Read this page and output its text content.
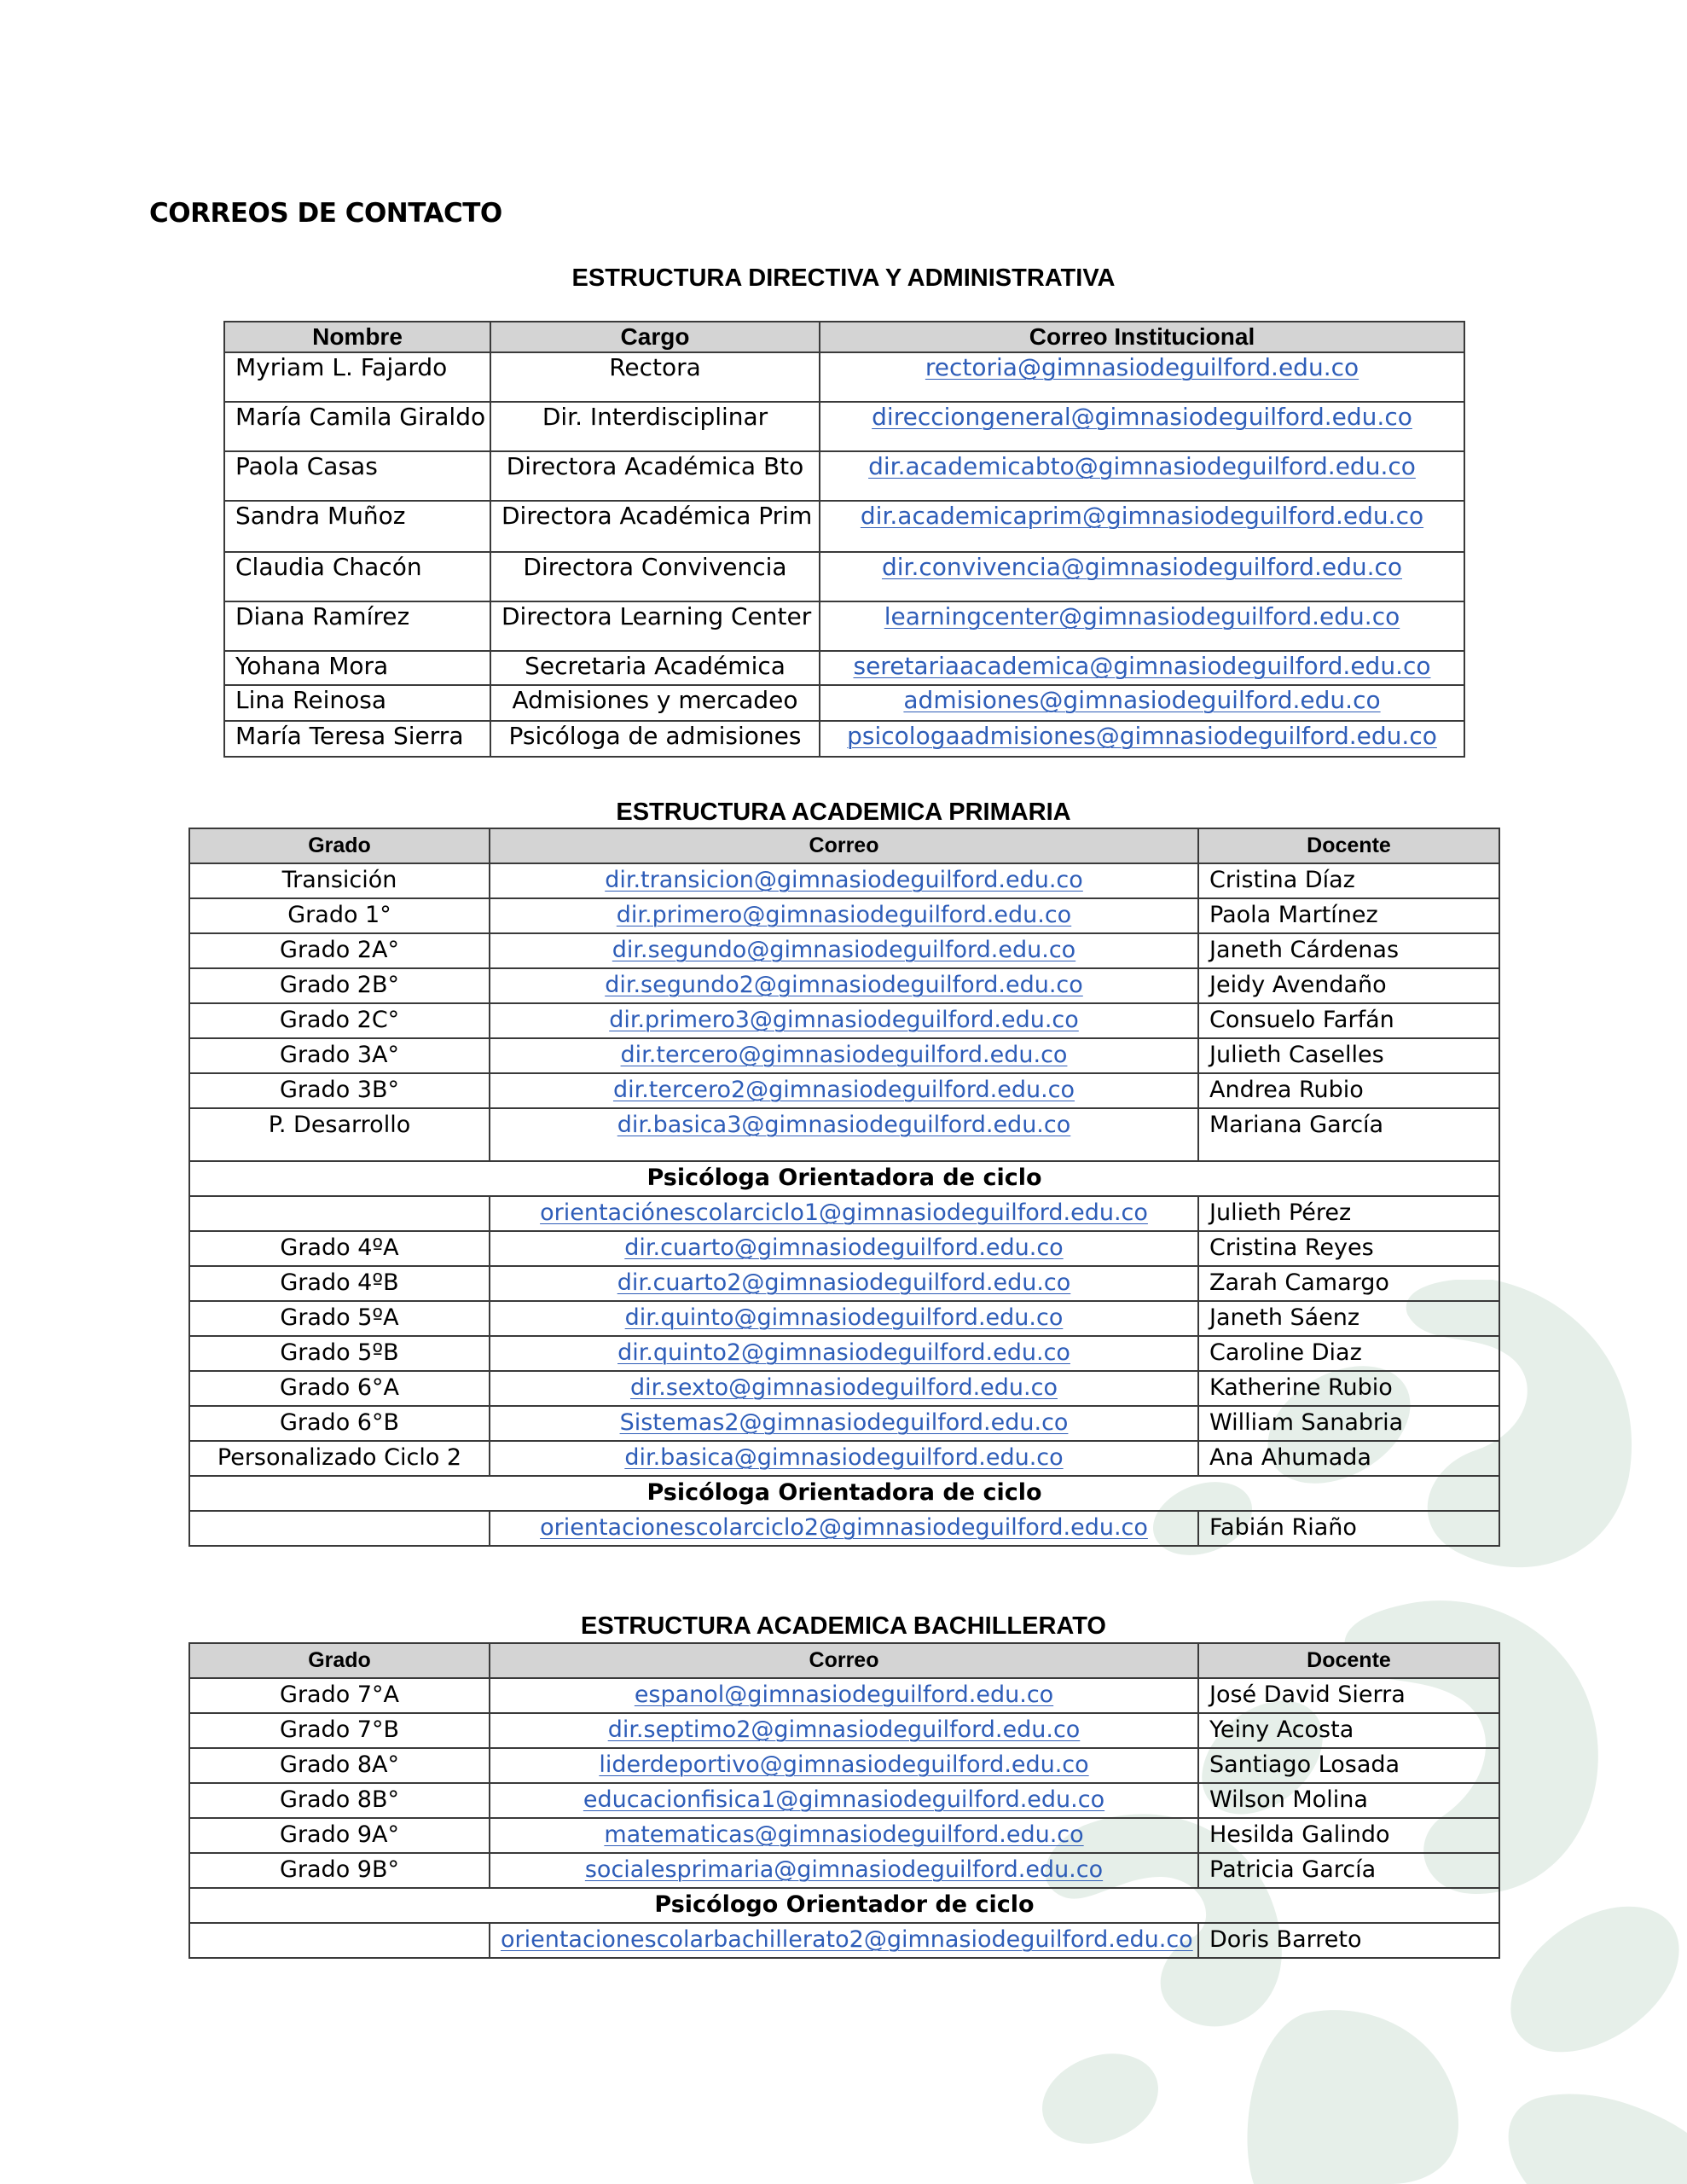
CORREOS DE CONTACTO
ESTRUCTURA DIRECTIVA Y ADMINISTRATIVA
Nombre	Cargo	Correo Institucional
Myriam L. Fajardo	Rectora	rectoria@gimnasiodeguilford.edu.co
María Camila Giraldo	Dir. Interdisciplinar	direcciongeneral@gimnasiodeguilford.edu.co
Paola Casas	Directora Académica Bto	dir.academicabto@gimnasiodeguilford.edu.co
Sandra Muñoz	Directora Académica Prim	dir.academicaprim@gimnasiodeguilford.edu.co
Claudia Chacón	Directora Convivencia	dir.convivencia@gimnasiodeguilford.edu.co
Diana Ramírez	Directora Learning Center	learningcenter@gimnasiodeguilford.edu.co
Yohana Mora	Secretaria Académica	seretariaacademica@gimnasiodeguilford.edu.co
Lina Reinosa	Admisiones y mercadeo	admisiones@gimnasiodeguilford.edu.co
María Teresa Sierra	Psicóloga de admisiones	psicologaadmisiones@gimnasiodeguilford.edu.co
ESTRUCTURA ACADEMICA PRIMARIA
Grado	Correo	Docente
Transición	dir.transicion@gimnasiodeguilford.edu.co	Cristina Díaz
Grado 1°	dir.primero@gimnasiodeguilford.edu.co	Paola Martínez
Grado 2A°	dir.segundo@gimnasiodeguilford.edu.co	Janeth Cárdenas
Grado 2B°	dir.segundo2@gimnasiodeguilford.edu.co	Jeidy Avendaño
Grado 2C°	dir.primero3@gimnasiodeguilford.edu.co	Consuelo Farfán
Grado 3A°	dir.tercero@gimnasiodeguilford.edu.co	Julieth Caselles
Grado 3B°	dir.tercero2@gimnasiodeguilford.edu.co	Andrea Rubio
P. Desarrollo	dir.basica3@gimnasiodeguilford.edu.co	Mariana García
Psicóloga Orientadora de ciclo		
	orientaciónescolarciclo1@gimnasiodeguilford.edu.co	Julieth Pérez
Grado 4ºA	dir.cuarto@gimnasiodeguilford.edu.co	Cristina Reyes
Grado 4ºB	dir.cuarto2@gimnasiodeguilford.edu.co	Zarah Camargo
Grado 5ºA	dir.quinto@gimnasiodeguilford.edu.co	Janeth Sáenz
Grado 5ºB	dir.quinto2@gimnasiodeguilford.edu.co	Caroline Diaz
Grado 6°A	dir.sexto@gimnasiodeguilford.edu.co	Katherine Rubio
Grado 6°B	Sistemas2@gimnasiodeguilford.edu.co	William Sanabria
Personalizado Ciclo 2	dir.basica@gimnasiodeguilford.edu.co	Ana Ahumada
Psicóloga Orientadora de ciclo		
	orientacionescolarciclo2@gimnasiodeguilford.edu.co	Fabián Riaño
ESTRUCTURA ACADEMICA BACHILLERATO
Grado	Correo	Docente
Grado 7°A	espanol@gimnasiodeguilford.edu.co	José David Sierra
Grado 7°B	dir.septimo2@gimnasiodeguilford.edu.co	Yeiny Acosta
Grado 8A°	liderdeportivo@gimnasiodeguilford.edu.co	Santiago Losada
Grado 8B°	educacionfisica1@gimnasiodeguilford.edu.co	Wilson Molina
Grado 9A°	matematicas@gimnasiodeguilford.edu.co	Hesilda Galindo
Grado 9B°	socialesprimaria@gimnasiodeguilford.edu.co	Patricia García
Psicólogo Orientador de ciclo		
	orientacionescolarbachillerato2@gimnasiodeguilford.edu.co	Doris Barreto
